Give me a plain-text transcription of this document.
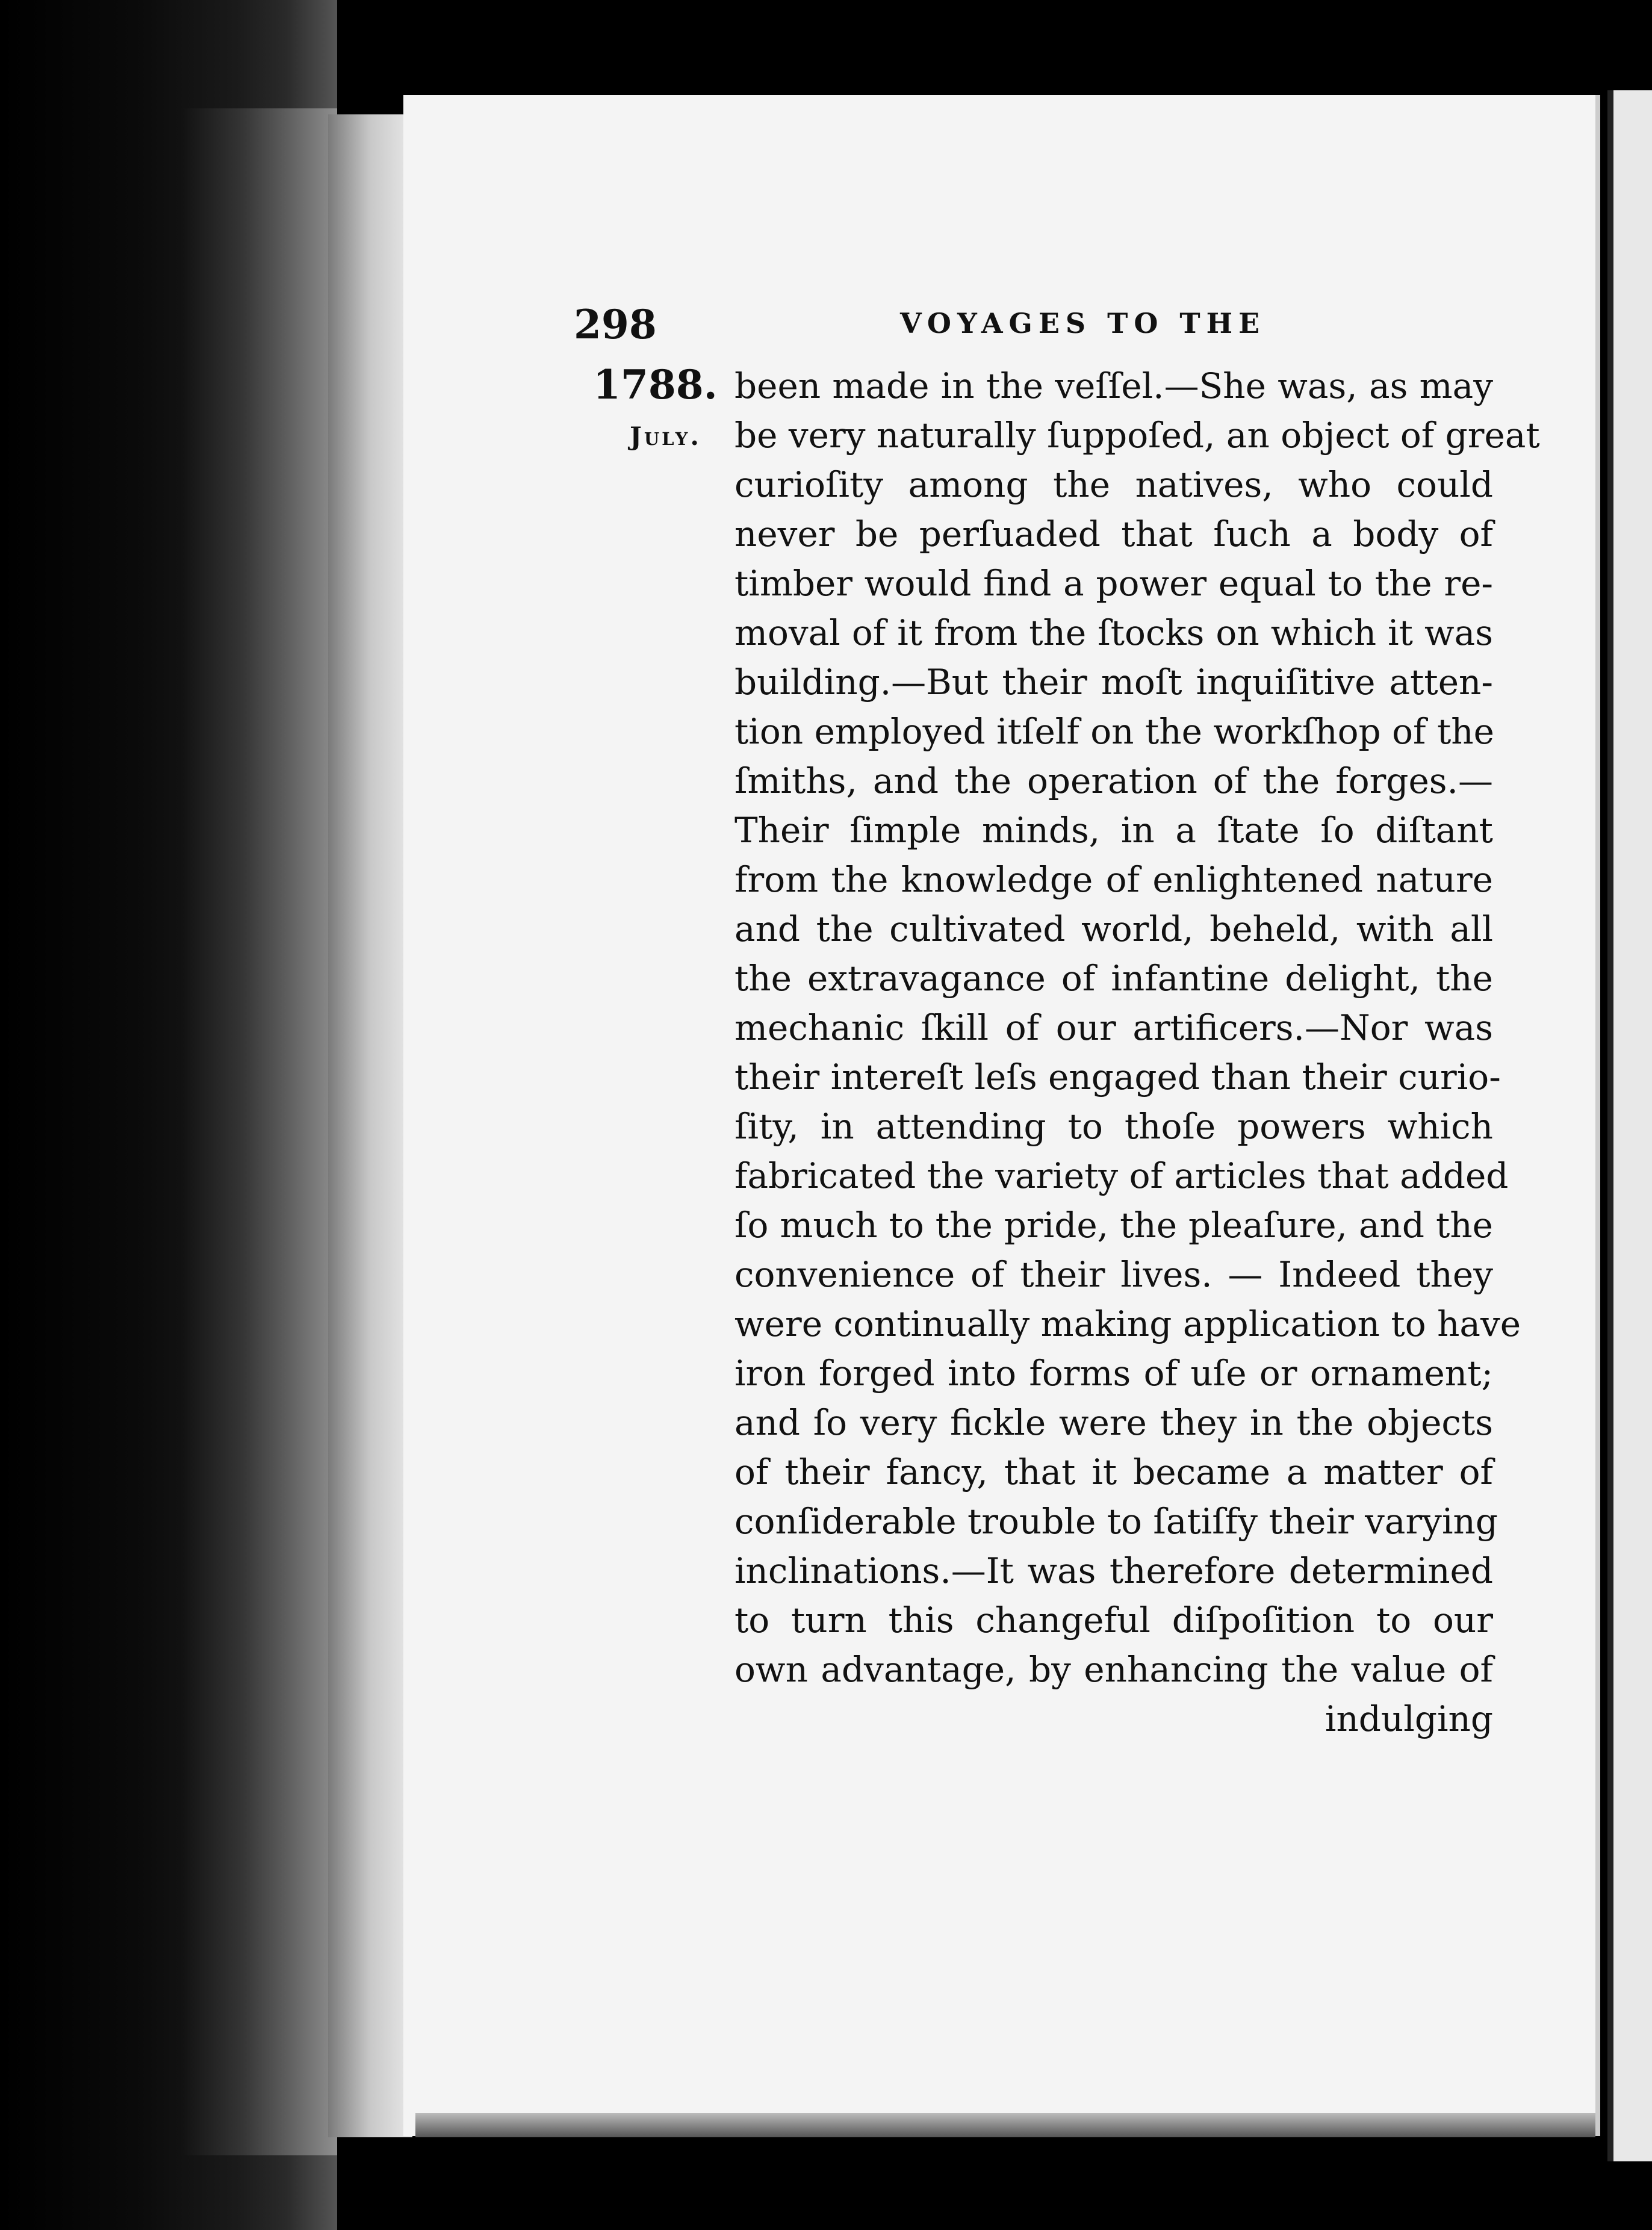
298	VOYAGES TO THE
1788.
July.
been made in the veſſel.—She was, as may
be very naturally ſuppoſed, an object of great
curioſity among the natives, who could
never be perſuaded that ſuch a body of
timber would find a power equal to the re-
moval of it from the ſtocks on which it was
building.—But their moſt inquiſitive atten-
tion employed itſelf on the workſhop of the
ſmiths, and the operation of the forges.—
Their ſimple minds, in a ſtate ſo diſtant
from the knowledge of enlightened nature
and the cultivated world, beheld, with all
the extravagance of infantine delight, the
mechanic ſkill of our artificers.—Nor was
their intereſt leſs engaged than their curio-
ſity, in attending to thoſe powers which
fabricated the variety of articles that added
ſo much to the pride, the pleaſure, and the
convenience of their lives. — Indeed they
were continually making application to have
iron forged into forms of uſe or ornament;
and ſo very fickle were they in the objects
of their fancy, that it became a matter of
conſiderable trouble to ſatiſfy their varying
inclinations.—It was therefore determined
to turn this changeful diſpoſition to our
own advantage, by enhancing the value of
indulging
